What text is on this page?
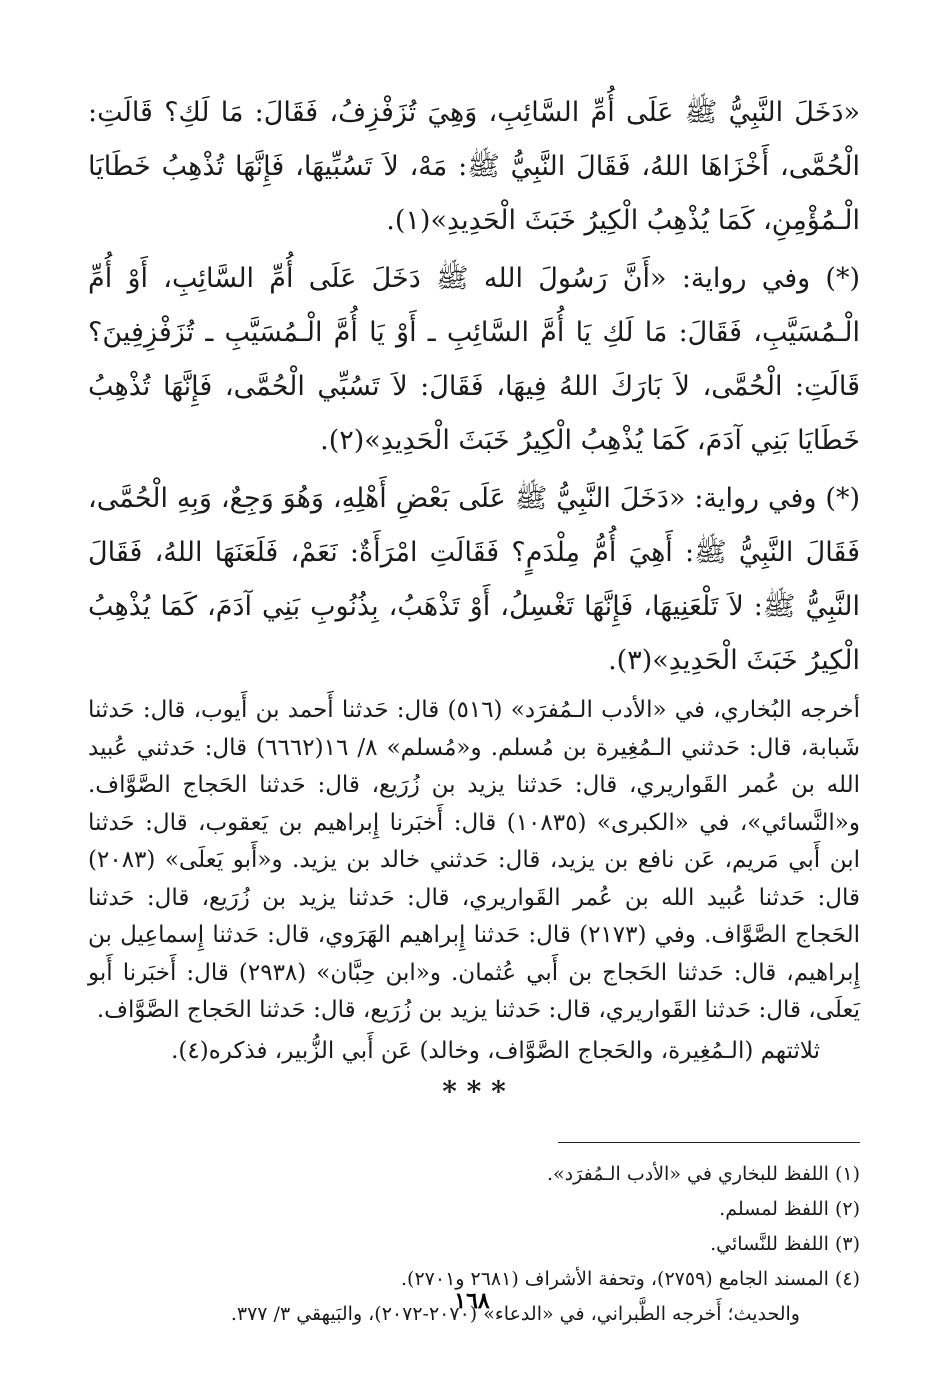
«دَخَلَ النَّبِيُّ ﷺ عَلَى أُمِّ السَّائِبِ، وَهِيَ تُزَفْزِفُ، فَقَالَ: مَا لَكِ؟ قَالَتِ: الْحُمَّى، أَخْزَاهَا اللهُ، فَقَالَ النَّبِيُّ ﷺ: مَهْ، لاَ تَسُبِّيهَا، فَإِنَّهَا تُذْهِبُ خَطَايَا الْـمُؤْمِنِ، كَمَا يُذْهِبُ الْكِيرُ خَبَثَ الْحَدِيدِ»(١).

(*) وفي رواية: «أَنَّ رَسُولَ الله ﷺ دَخَلَ عَلَى أُمِّ السَّائِبِ، أَوْ أُمِّ الْـمُسَيَّبِ، فَقَالَ: مَا لَكِ يَا أُمَّ السَّائِبِ ـ أَوْ يَا أُمَّ الْـمُسَيَّبِ ـ تُزَفْزِفِينَ؟ قَالَتِ: الْحُمَّى، لاَ بَارَكَ اللهُ فِيهَا، فَقَالَ: لاَ تَسُبِّي الْحُمَّى، فَإِنَّهَا تُذْهِبُ خَطَايَا بَنِي آدَمَ، كَمَا يُذْهِبُ الْكِيرُ خَبَثَ الْحَدِيدِ»(٢).

(*) وفي رواية: «دَخَلَ النَّبِيُّ ﷺ عَلَى بَعْضِ أَهْلِهِ، وَهُوَ وَجِعٌ، وَبِهِ الْحُمَّى، فَقَالَ النَّبِيُّ ﷺ: أَهِيَ أُمُّ مِلْدَمٍ؟ فَقَالَتِ امْرَأَةٌ: نَعَمْ، فَلَعَنَهَا اللهُ، فَقَالَ النَّبِيُّ ﷺ: لاَ تَلْعَنِيهَا، فَإِنَّهَا تَغْسِلُ، أَوْ تَذْهَبُ، بِذُنُوبِ بَنِي آدَمَ، كَمَا يُذْهِبُ الْكِيرُ خَبَثَ الْحَدِيدِ»(٣).

أخرجه البُخاري، في «الأدب الـمُفرَد» (٥١٦) قال: حَدثنا أَحمد بن أَيوب، قال: حَدثنا شَبابة، قال: حَدثني الـمُغِيرة بن مُسلم. و«مُسلم» ٨/ ١٦(٦٦٦٢) قال: حَدثني عُبيد الله بن عُمر القَواريري، قال: حَدثنا يزيد بن زُرَيع، قال: حَدثنا الحَجاج الصَّوَّاف. و«النَّسائي»، في «الكبرى» (١٠٨٣٥) قال: أَخبَرنا إِبراهيم بن يَعقوب، قال: حَدثنا ابن أَبي مَريم، عَن نافع بن يزيد، قال: حَدثني خالد بن يزيد. و«أَبو يَعلَى» (٢٠٨٣) قال: حَدثنا عُبيد الله بن عُمر القَواريري، قال: حَدثنا يزيد بن زُرَيع، قال: حَدثنا الحَجاج الصَّوَّاف. وفي (٢١٧٣) قال: حَدثنا إِبراهيم الهَرَوي، قال: حَدثنا إِسماعِيل بن إِبراهيم، قال: حَدثنا الحَجاج بن أَبي عُثمان. و«ابن حِبَّان» (٢٩٣٨) قال: أَخبَرنا أَبو يَعلَى، قال: حَدثنا القَواريري، قال: حَدثنا يزيد بن زُرَيع، قال: حَدثنا الحَجاج الصَّوَّاف.

ثلاثتهم (الـمُغِيرة، والحَجاج الصَّوَّاف، وخالد) عَن أَبي الزُّبير، فذكره(٤).

* * *

(١) اللفظ للبخاري في «الأدب الـمُفرَد».

(٢) اللفظ لمسلم.

(٣) اللفظ للنَّسائي.

(٤) المسند الجامع (٢٧٥٩)، وتحفة الأشراف (٢٦٨١ و٢٧٠١).

والحديث؛ أَخرجه الطَّبراني، في «الدعاء» (٢٠٧٠-٢٠٧٢)، والبَيهقي ٣/ ٣٧٧.

١٦٨
